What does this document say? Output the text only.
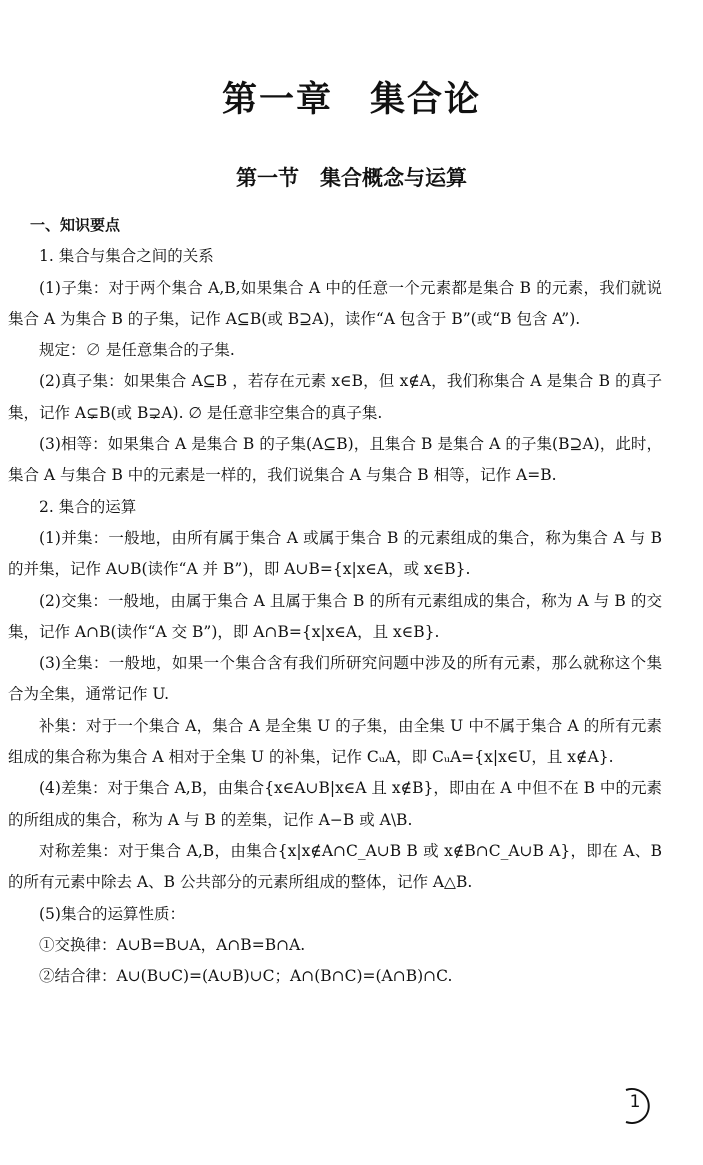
第一章　集合论
第一节　集合概念与运算

一、知识要点

1. 集合与集合之间的关系

(1)子集：对于两个集合 A,B,如果集合 A 中的任意一个元素都是集合 B 的元素，我们就说集合 A 为集合 B 的子集，记作 A⊆B(或 B⊇A)，读作“A 包含于 B”(或“B 包含 A”).

规定：∅ 是任意集合的子集.

(2)真子集：如果集合 A⊆B ，若存在元素 x∈B，但 x∉A，我们称集合 A 是集合 B 的真子集，记作 A⊊B(或 B⊋A). ∅ 是任意非空集合的真子集.

(3)相等：如果集合 A 是集合 B 的子集(A⊆B)，且集合 B 是集合 A 的子集(B⊇A)，此时，集合 A 与集合 B 中的元素是一样的，我们说集合 A 与集合 B 相等，记作 A=B.

2. 集合的运算

(1)并集：一般地，由所有属于集合 A 或属于集合 B 的元素组成的集合，称为集合 A 与 B 的并集，记作 A∪B(读作“A 并 B”)，即 A∪B={x|x∈A，或 x∈B}.

(2)交集：一般地，由属于集合 A 且属于集合 B 的所有元素组成的集合，称为 A 与 B 的交集，记作 A∩B(读作“A 交 B”)，即 A∩B={x|x∈A，且 x∈B}.

(3)全集：一般地，如果一个集合含有我们所研究问题中涉及的所有元素，那么就称这个集合为全集，通常记作 U.

补集：对于一个集合 A，集合 A 是全集 U 的子集，由全集 U 中不属于集合 A 的所有元素组成的集合称为集合 A 相对于全集 U 的补集，记作 CᵤA，即 CᵤA={x|x∈U，且 x∉A}.

(4)差集：对于集合 A,B，由集合{x∈A∪B|x∈A 且 x∉B}，即由在 A 中但不在 B 中的元素的所组成的集合，称为 A 与 B 的差集，记作 A−B 或 A\B.

对称差集：对于集合 A,B，由集合{x|x∉A∩C_A∪B B 或 x∉B∩C_A∪B A}，即在 A、B 的所有元素中除去 A、B 公共部分的元素所组成的整体，记作 A△B.

(5)集合的运算性质：

①交换律：A∪B=B∪A，A∩B=B∩A.

②结合律：A∪(B∪C)=(A∪B)∪C；A∩(B∩C)=(A∩B)∩C.

1
